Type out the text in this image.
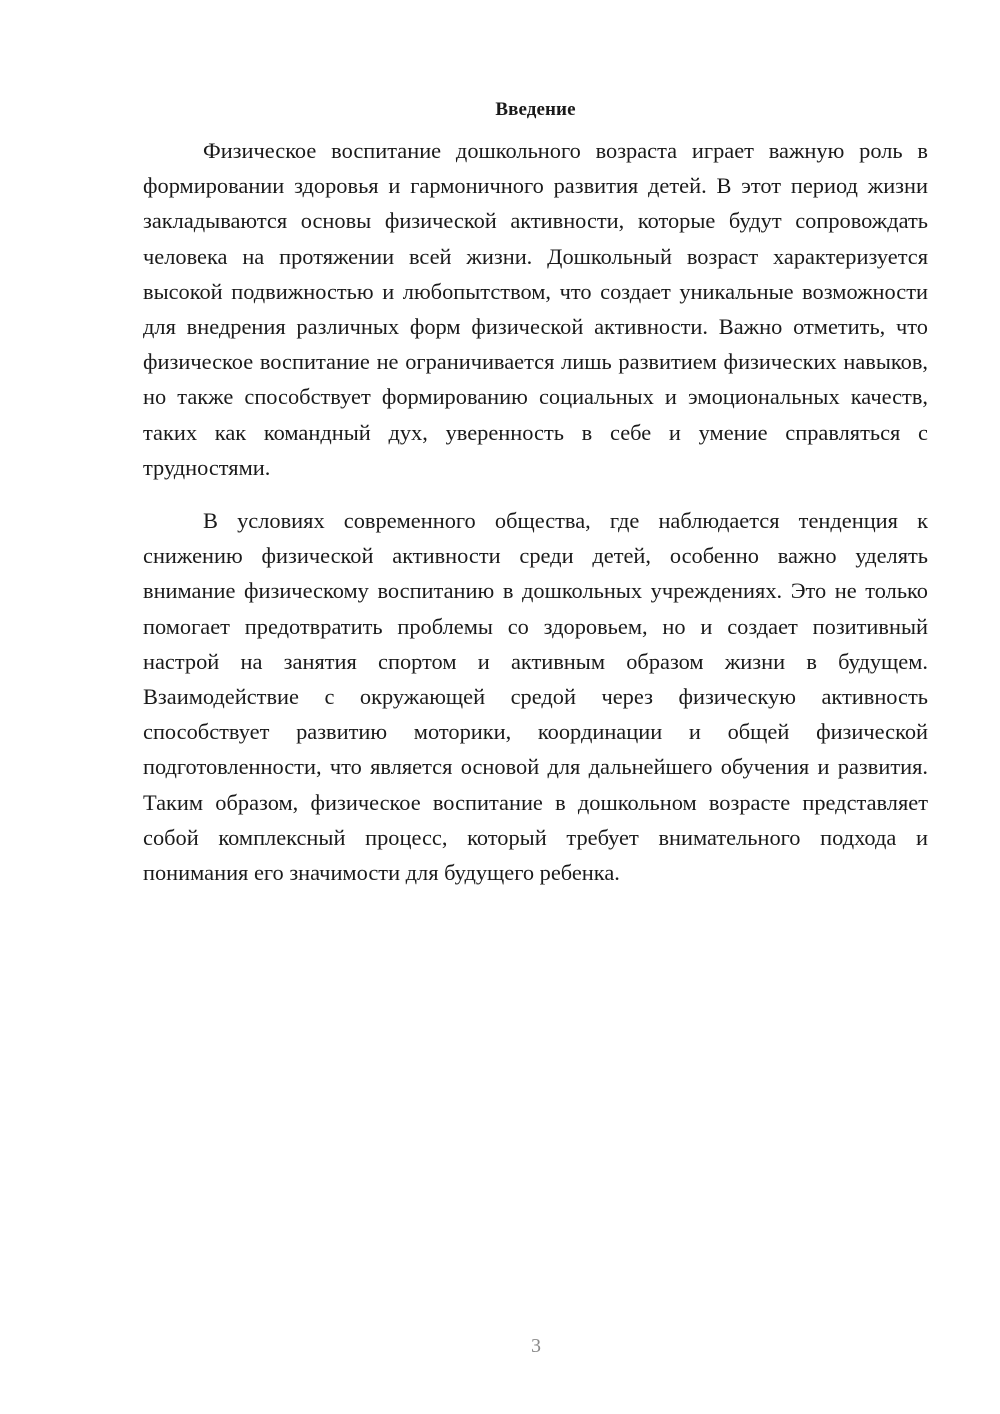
Введение

Физическое воспитание дошкольного возраста играет важную роль в формировании здоровья и гармоничного развития детей. В этот период жизни закладываются основы физической активности, которые будут сопровождать человека на протяжении всей жизни. Дошкольный возраст характеризуется высокой подвижностью и любопытством, что создает уникальные возможности для внедрения различных форм физической активности. Важно отметить, что физическое воспитание не ограничивается лишь развитием физических навыков, но также способствует формированию социальных и эмоциональных качеств, таких как командный дух, уверенность в себе и умение справляться с трудностями.

В условиях современного общества, где наблюдается тенденция к снижению физической активности среди детей, особенно важно уделять внимание физическому воспитанию в дошкольных учреждениях. Это не только помогает предотвратить проблемы со здоровьем, но и создает позитивный настрой на занятия спортом и активным образом жизни в будущем. Взаимодействие с окружающей средой через физическую активность способствует развитию моторики, координации и общей физической подготовленности, что является основой для дальнейшего обучения и развития. Таким образом, физическое воспитание в дошкольном возрасте представляет собой комплексный процесс, который требует внимательного подхода и понимания его значимости для будущего ребенка.

3
